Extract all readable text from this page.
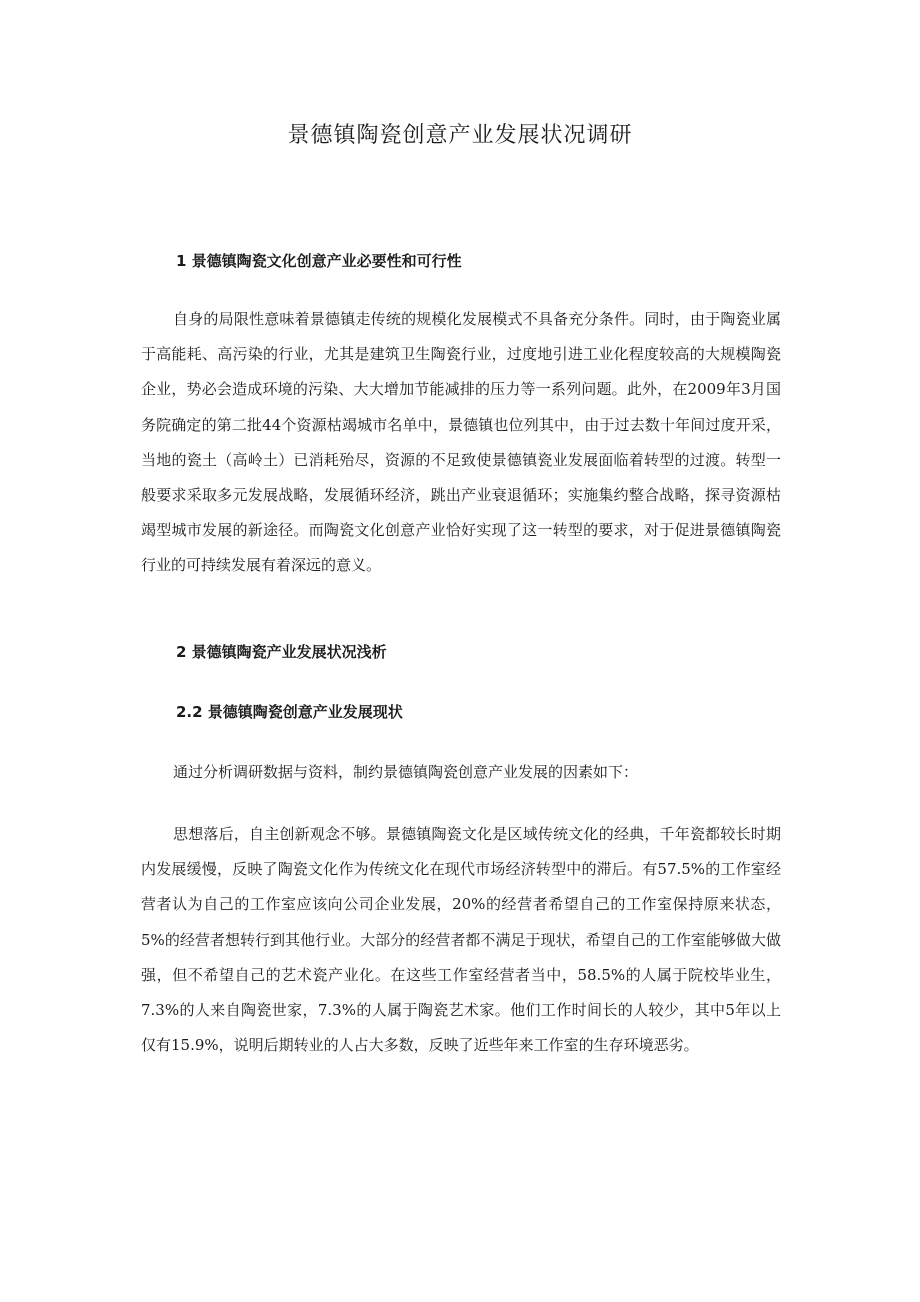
景德镇陶瓷创意产业发展状况调研
1 景德镇陶瓷文化创意产业必要性和可行性

自身的局限性意味着景德镇走传统的规模化发展模式不具备充分条件。同时，由于陶瓷业属于高能耗、高污染的行业，尤其是建筑卫生陶瓷行业，过度地引进工业化程度较高的大规模陶瓷企业，势必会造成环境的污染、大大增加节能减排的压力等一系列问题。此外，在2009年3月国务院确定的第二批44个资源枯竭城市名单中，景德镇也位列其中，由于过去数十年间过度开采，当地的瓷土（高岭土）已消耗殆尽，资源的不足致使景德镇瓷业发展面临着转型的过渡。转型一般要求采取多元发展战略，发展循环经济，跳出产业衰退循环；实施集约整合战略，探寻资源枯竭型城市发展的新途径。而陶瓷文化创意产业恰好实现了这一转型的要求，对于促进景德镇陶瓷行业的可持续发展有着深远的意义。

2 景德镇陶瓷产业发展状况浅析
2.2 景德镇陶瓷创意产业发展现状

通过分析调研数据与资料，制约景德镇陶瓷创意产业发展的因素如下：

思想落后，自主创新观念不够。景德镇陶瓷文化是区域传统文化的经典，千年瓷都较长时期内发展缓慢，反映了陶瓷文化作为传统文化在现代市场经济转型中的滞后。有57.5%的工作室经营者认为自己的工作室应该向公司企业发展，20%的经营者希望自己的工作室保持原来状态，5%的经营者想转行到其他行业。大部分的经营者都不满足于现状，希望自己的工作室能够做大做强，但不希望自己的艺术瓷产业化。在这些工作室经营者当中，58.5%的人属于院校毕业生，7.3%的人来自陶瓷世家，7.3%的人属于陶瓷艺术家。他们工作时间长的人较少，其中5年以上仅有15.9%，说明后期转业的人占大多数，反映了近些年来工作室的生存环境恶劣。
